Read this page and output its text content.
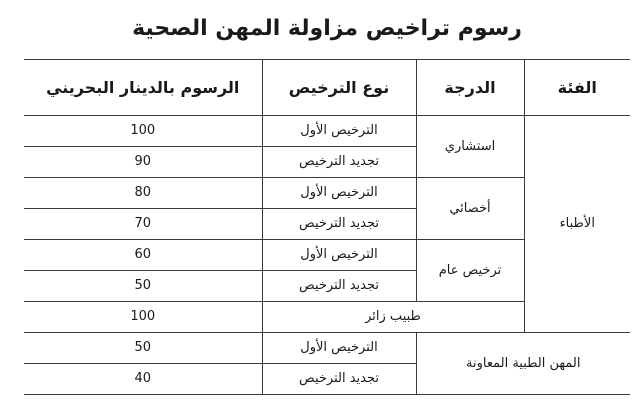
رسوم تراخيص مزاولة المهن الصحية
الفئة	الدرجة	نوع الترخيص	الرسوم بالدينار البحريني
الأطباء	استشاري	الترخيص الأول	100
		تجديد الترخيص	90
	أخصائي	الترخيص الأول	80
		تجديد الترخيص	70
	ترخيص عام	الترخيص الأول	60
		تجديد الترخيص	50
	طبيب زائر		100
المهن الطبية المعاونة		الترخيص الأول	50
		تجديد الترخيص	40
